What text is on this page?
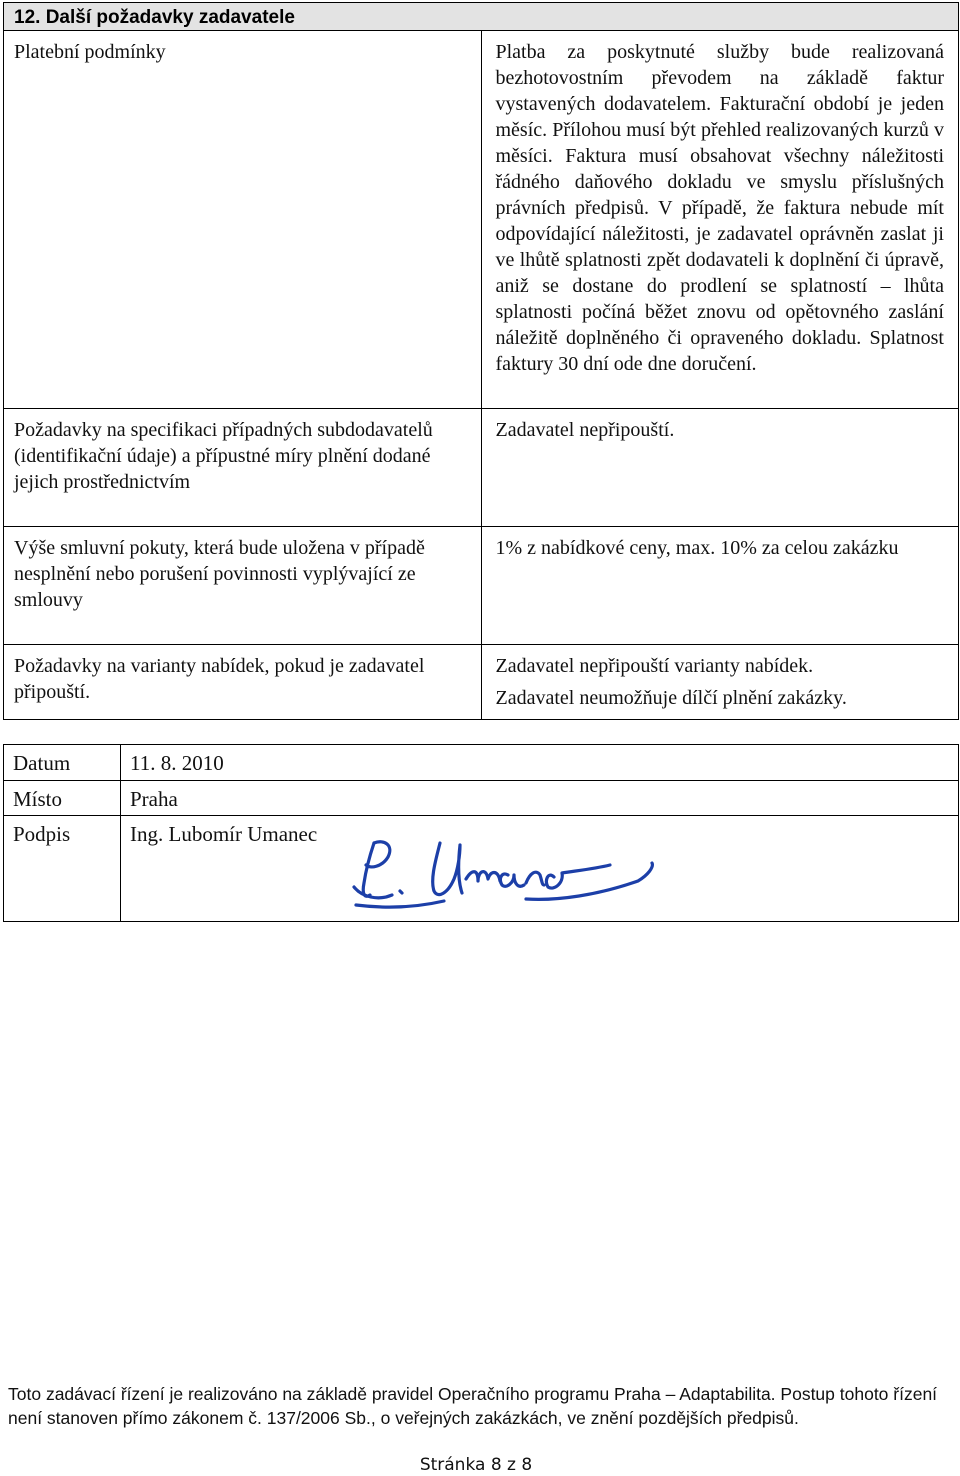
12. Další požadavky zadavatele	
Platební podmínky	Platba za poskytnuté služby bude realizovaná bezhotovostním převodem na základě faktur vystavených dodavatelem. Fakturační období je jeden měsíc. Přílohou musí být přehled realizovaných kurzů v měsíci. Faktura musí obsahovat všechny náležitosti řádného daňového dokladu ve smyslu příslušných právních předpisů. V případě, že faktura nebude mít odpovídající náležitosti, je zadavatel oprávněn zaslat ji ve lhůtě splatnosti zpět dodavateli k doplnění či úpravě, aniž se dostane do prodlení se splatností – lhůta splatnosti počíná běžet znovu od opětovného zaslání náležitě doplněného či opraveného dokladu. Splatnost faktury 30 dní ode dne doručení.

Požadavky na specifikaci případných subdodavatelů (identifikační údaje) a přípustné míry plnění dodané jejich prostřednictvím	Zadavatel nepřipouští.

Výše smluvní pokuty, která bude uložena v případě nesplnění nebo porušení povinnosti vyplývající ze smlouvy	1% z nabídkové ceny, max. 10% za celou zakázku

Požadavky na varianty nabídek, pokud je zadavatel připouští.	Zadavatel nepřipouští varianty nabídek.
Zadavatel neumožňuje dílčí plnění zakázky.
Datum	11. 8. 2010
Místo	Praha
Podpis	Ing. Lubomír Umanec
Toto zadávací řízení je realizováno na základě pravidel Operačního programu Praha – Adaptabilita. Postup tohoto řízení není stanoven přímo zákonem č. 137/2006 Sb., o veřejných zakázkách, ve znění pozdějších předpisů.
Stránka 8 z 8
